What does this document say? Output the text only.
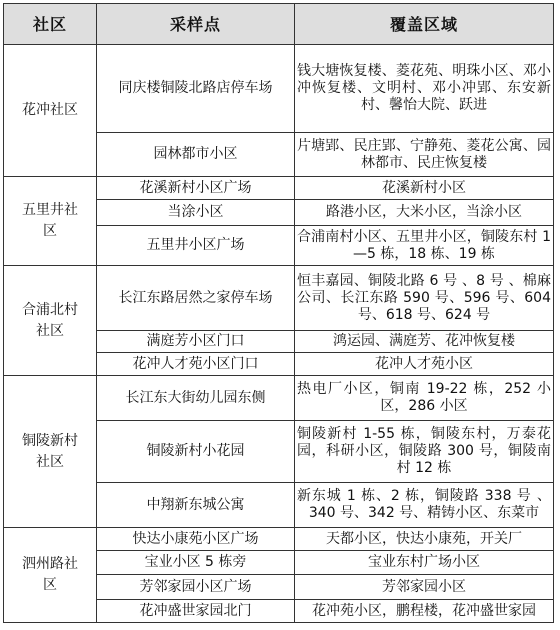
社区	采样点	覆盖区域

花冲社区	同庆楼铜陵北路店停车场	钱大塘恢复楼、菱花苑、明珠小区、邓小冲恢复楼、文明村、邓小冲郢、东安新村、馨怡大院、跃进
	园林都市小区	片塘郢、民庄郢、宁静苑、菱花公寓、园林都市、民庄恢复楼

五里井社区	花溪新村小区广场	花溪新村小区
	当涂小区	路港小区，大米小区，当涂小区
	五里井小区广场	合浦南村小区、五里井小区，铜陵东村 1—5 栋，18 栋、19 栋

合浦北村社区	长江东路居然之家停车场	恒丰嘉园、铜陵北路 6 号 、8 号 、棉麻公司、长江东路 590 号、596 号、604 号、618 号、624 号
	满庭芳小区门口	鸿运园、满庭芳、花冲恢复楼
	花冲人才苑小区门口	花冲人才苑小区

铜陵新村社区	长江东大街幼儿园东侧	热电厂小区，铜南 19-22 栋，252 小区，286 小区
	铜陵新村小花园	铜陵新村 1-55 栋，铜陵东村，万泰花园，科研小区，铜陵路 300 号，铜陵南村 12 栋
	中翔新东城公寓	新东城 1 栋、2 栋，铜陵路 338 号 、340 号、342 号、精铸小区、东菜市

泗州路社区	快达小康苑小区广场	天都小区，快达小康苑，开关厂
	宝业小区 5 栋旁	宝业东村广场小区
	芳邻家园小区广场	芳邻家园小区
	花冲盛世家园北门	花冲苑小区，鹏程楼，花冲盛世家园
